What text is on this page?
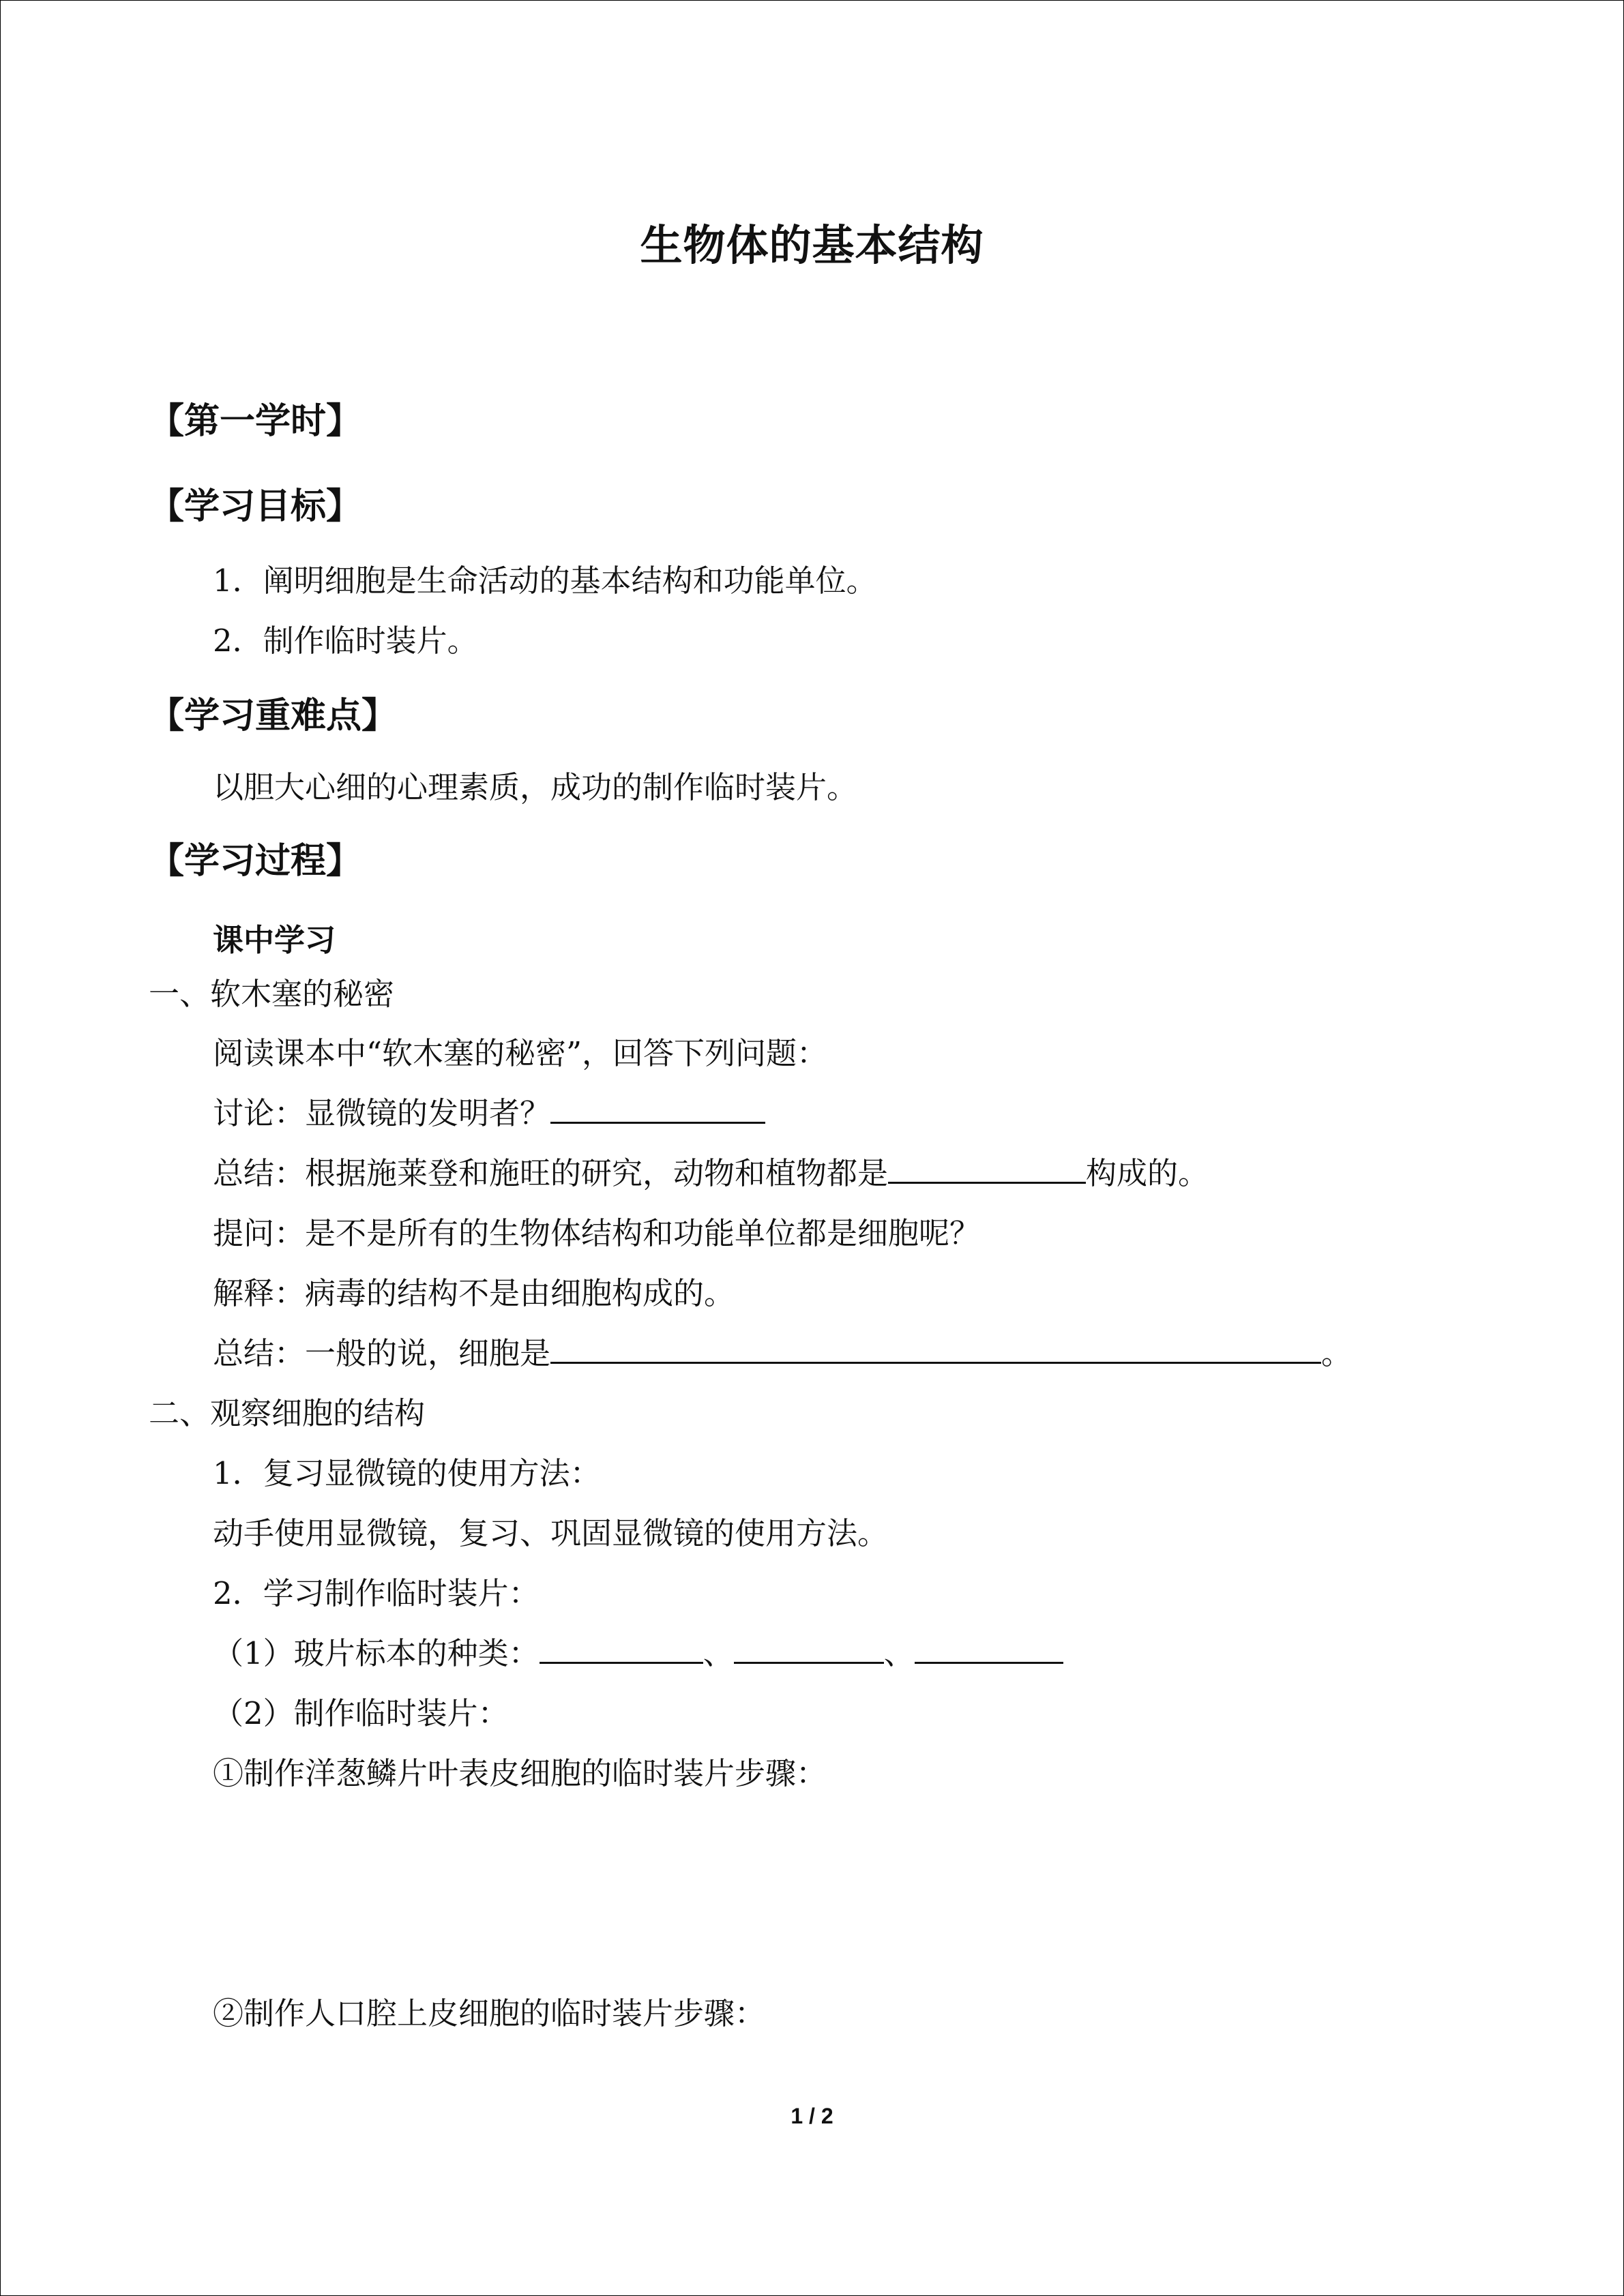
生物体的基本结构
【第一学时】
【学习目标】
1．阐明细胞是生命活动的基本结构和功能单位。
2．制作临时装片。
【学习重难点】
以胆大心细的心理素质，成功的制作临时装片。
【学习过程】
课中学习
一、软木塞的秘密
阅读课本中“软木塞的秘密”，回答下列问题：
讨论：显微镜的发明者？
总结：根据施莱登和施旺的研究，动物和植物都是	构成的。
提问：是不是所有的生物体结构和功能单位都是细胞呢？
解释：病毒的结构不是由细胞构成的。
总结：一般的说，细胞是	。
二、观察细胞的结构
1．复习显微镜的使用方法：
动手使用显微镜，复习、巩固显微镜的使用方法。
2．学习制作临时装片：
（1）玻片标本的种类：	、	、
（2）制作临时装片：
①制作洋葱鳞片叶表皮细胞的临时装片步骤：
②制作人口腔上皮细胞的临时装片步骤：
1 / 2
